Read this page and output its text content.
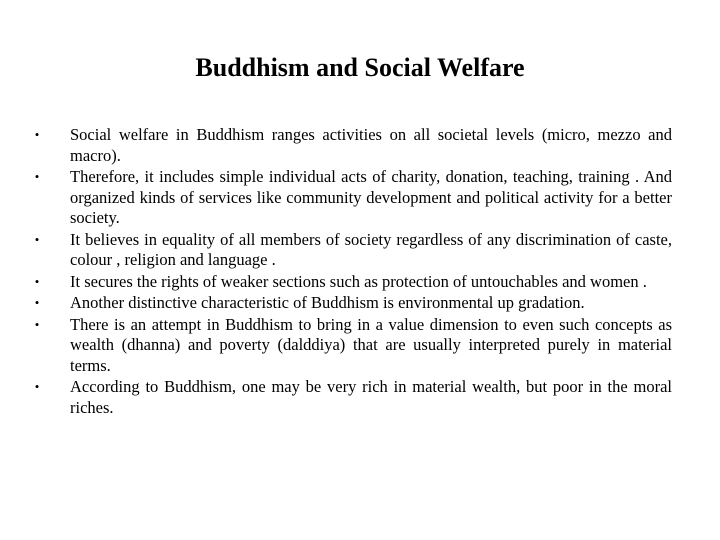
Buddhism and Social Welfare
• Social welfare in Buddhism ranges activities on all societal levels (micro, mezzo and macro).
• Therefore, it includes simple individual acts of charity, donation, teaching, training . And organized kinds of services like community development and political activity for a better society.
• It believes in equality of all members of society regardless of any discrimination of caste, colour , religion and language .
• It secures the rights of weaker sections such as protection of untouchables and women .
• Another distinctive characteristic of Buddhism is environmental up gradation.
• There is an attempt in Buddhism to bring in a value dimension to even such concepts as wealth (dhanna) and poverty (dalddiya) that are usually interpreted purely in material terms.
• According to Buddhism, one may be very rich in material wealth, but poor in the moral riches.
